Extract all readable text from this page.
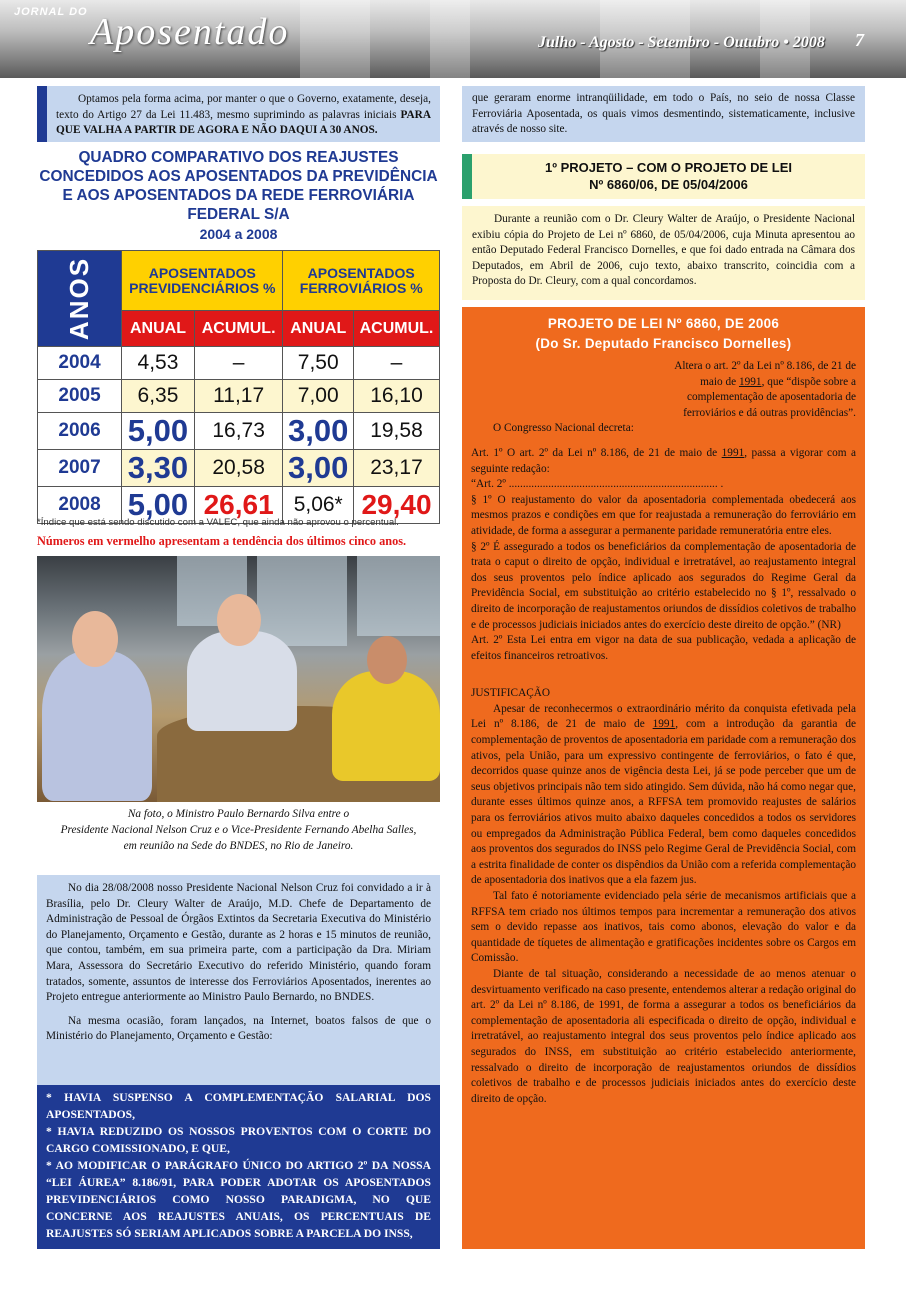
JORNAL DO Aposentado	Julho - Agosto - Setembro - Outubro • 2008 7

Optamos pela forma acima, por manter o que o Governo, exatamente, deseja, texto do Artigo 27 da Lei 11.483, mesmo suprimindo as palavras iniciais PARA QUE VALHA A PARTIR DE AGORA E NÃO DAQUI A 30 ANOS.

QUADRO COMPARATIVO DOS REAJUSTES CONCEDIDOS AOS APOSENTADOS DA PREVIDÊNCIA E AOS APOSENTADOS DA REDE FERROVIÁRIA FEDERAL S/A
2004 a 2008
ANOS	APOSENTADOS PREVIDENCIÁRIOS %		APOSENTADOS FERROVIÁRIOS %	
	ANUAL	ACUMUL.	ANUAL	ACUMUL.
2004	4,53	–	7,50	–
2005	6,35	11,17	7,00	16,10
2006	5,00	16,73	3,00	19,58
2007	3,30	20,58	3,00	23,17
2008	5,00	26,61	5,06*	29,40
*Índice que está sendo discutido com a VALEC, que ainda não aprovou o percentual.
Números em vermelho apresentam a tendência dos últimos cinco anos.
Na foto, o Ministro Paulo Bernardo Silva entre o
Presidente Nacional Nelson Cruz e o Vice-Presidente Fernando Abelha Salles,
em reunião na Sede do BNDES, no Rio de Janeiro.

No dia 28/08/2008 nosso Presidente Nacional Nelson Cruz foi convidado a ir à Brasília, pelo Dr. Cleury Walter de Araújo, M.D. Chefe de Departamento de Administração de Pessoal de Órgãos Extintos da Secretaria Executiva do Ministério do Planejamento, Orçamento e Gestão, durante as 2 horas e 15 minutos de reunião, que contou, também, em sua primeira parte, com a participação da Dra. Miriam Mara, Assessora do Secretário Executivo do referido Ministério, quando foram tratados, somente, assuntos de interesse dos Ferroviários Aposentados, inerentes ao Projeto entregue anteriormente ao Ministro Paulo Bernardo, no BNDES.

Na mesma ocasião, foram lançados, na Internet, boatos falsos de que o Ministério do Planejamento, Orçamento e Gestão:

* HAVIA SUSPENSO A COMPLEMENTAÇÃO SALARIAL DOS APOSENTADOS,
* HAVIA REDUZIDO OS NOSSOS PROVENTOS COM O CORTE DO CARGO COMISSIONADO, E QUE,
* AO MODIFICAR O PARÁGRAFO ÚNICO DO ARTIGO 2º DA NOSSA “LEI ÁUREA” 8.186/91, PARA PODER ADOTAR OS APOSENTADOS PREVIDENCIÁRIOS COMO NOSSO PARADIGMA, NO QUE CONCERNE AOS REAJUSTES ANUAIS, OS PERCENTUAIS DE REAJUSTES SÓ SERIAM APLICADOS SOBRE A PARCELA DO INSS,
que geraram enorme intranqüilidade, em todo o País, no seio de nossa Classe Ferroviária Aposentada, os quais vimos desmentindo, sistematicamente, inclusive através de nosso site.
1º PROJETO – COM O PROJETO DE LEI
Nº 6860/06, DE 05/04/2006

Durante a reunião com o Dr. Cleury Walter de Araújo, o Presidente Nacional exibiu cópia do Projeto de Lei nº 6860, de 05/04/2006, cuja Minuta apresentou ao então Deputado Federal Francisco Dornelles, e que foi dado entrada na Câmara dos Deputados, em Abril de 2006, cujo texto, abaixo transcrito, coincidia com a Proposta do Dr. Cleury, com a qual concordamos.

PROJETO DE LEI Nº 6860, DE 2006
(Do Sr. Deputado Francisco Dornelles)
Altera o art. 2º da Lei nº 8.186, de 21 de maio de 1991, que “dispõe sobre a complementação de aposentadoria de ferroviários e dá outras providências”.
O Congresso Nacional decreta:
Art. 1º O art. 2º da Lei nº 8.186, de 21 de maio de 1991, passa a vigorar com a seguinte redação:
“Art. 2º .......................................................................... .
§ 1º O reajustamento do valor da aposentadoria complementada obedecerá aos mesmos prazos e condições em que for reajustada a remuneração do ferroviário em atividade, de forma a assegurar a permanente paridade remuneratória entre eles.
§ 2º É assegurado a todos os beneficiários da complementação de aposentadoria de trata o caput o direito de opção, individual e irretratável, ao reajustamento integral dos seus proventos pelo índice aplicado aos segurados do Regime Geral da Previdência Social, em substituição ao critério estabelecido no § 1º, ressalvado o direito de incorporação de reajustamentos oriundos de dissídios coletivos de trabalho e de processos judiciais iniciados antes do exercício deste direito de opção.” (NR)
Art. 2º Esta Lei entra em vigor na data de sua publicação, vedada a aplicação de efeitos financeiros retroativos.
JUSTIFICAÇÃO
Apesar de reconhecermos o extraordinário mérito da conquista efetivada pela Lei nº 8.186, de 21 de maio de 1991, com a introdução da garantia de complementação de proventos de aposentadoria em paridade com a remuneração dos ativos, pela União, para um expressivo contingente de ferroviários, o fato é que, decorridos quase quinze anos de vigência desta Lei, já se pode perceber que um de seus objetivos principais não tem sido atingido. Sem dúvida, não há como negar que, durante esses últimos quinze anos, a RFFSA tem promovido reajustes de salários para os ferroviários ativos muito abaixo daqueles concedidos a todos os servidores ou empregados da Administração Pública Federal, bem como daqueles concedidos aos proventos dos segurados do INSS pelo Regime Geral de Previdência Social, com a estrita finalidade de conter os dispêndios da União com a referida complementação de aposentadoria dos inativos que a ela fazem jus.
Tal fato é notoriamente evidenciado pela série de mecanismos artificiais que a RFFSA tem criado nos últimos tempos para incrementar a remuneração dos ativos sem o devido repasse aos inativos, tais como abonos, elevação do valor e da quantidade de tíquetes de alimentação e gratificações incidentes sobre os Cargos em Comissão.
Diante de tal situação, considerando a necessidade de ao menos atenuar o desvirtuamento verificado na caso presente, entendemos alterar a redação original do art. 2º da Lei nº 8.186, de 1991, de forma a assegurar a todos os beneficiários da complementação de aposentadoria ali especificada o direito de opção, individual e irretratável, ao reajustamento integral dos seus proventos pelo índice aplicado aos segurados do INSS, em substituição ao critério estabelecido anteriormente, ressalvado o direito de incorporação de reajustamentos oriundos de dissídios coletivos de trabalho e de processos judiciais iniciados antes do exercício deste direito de opção.
